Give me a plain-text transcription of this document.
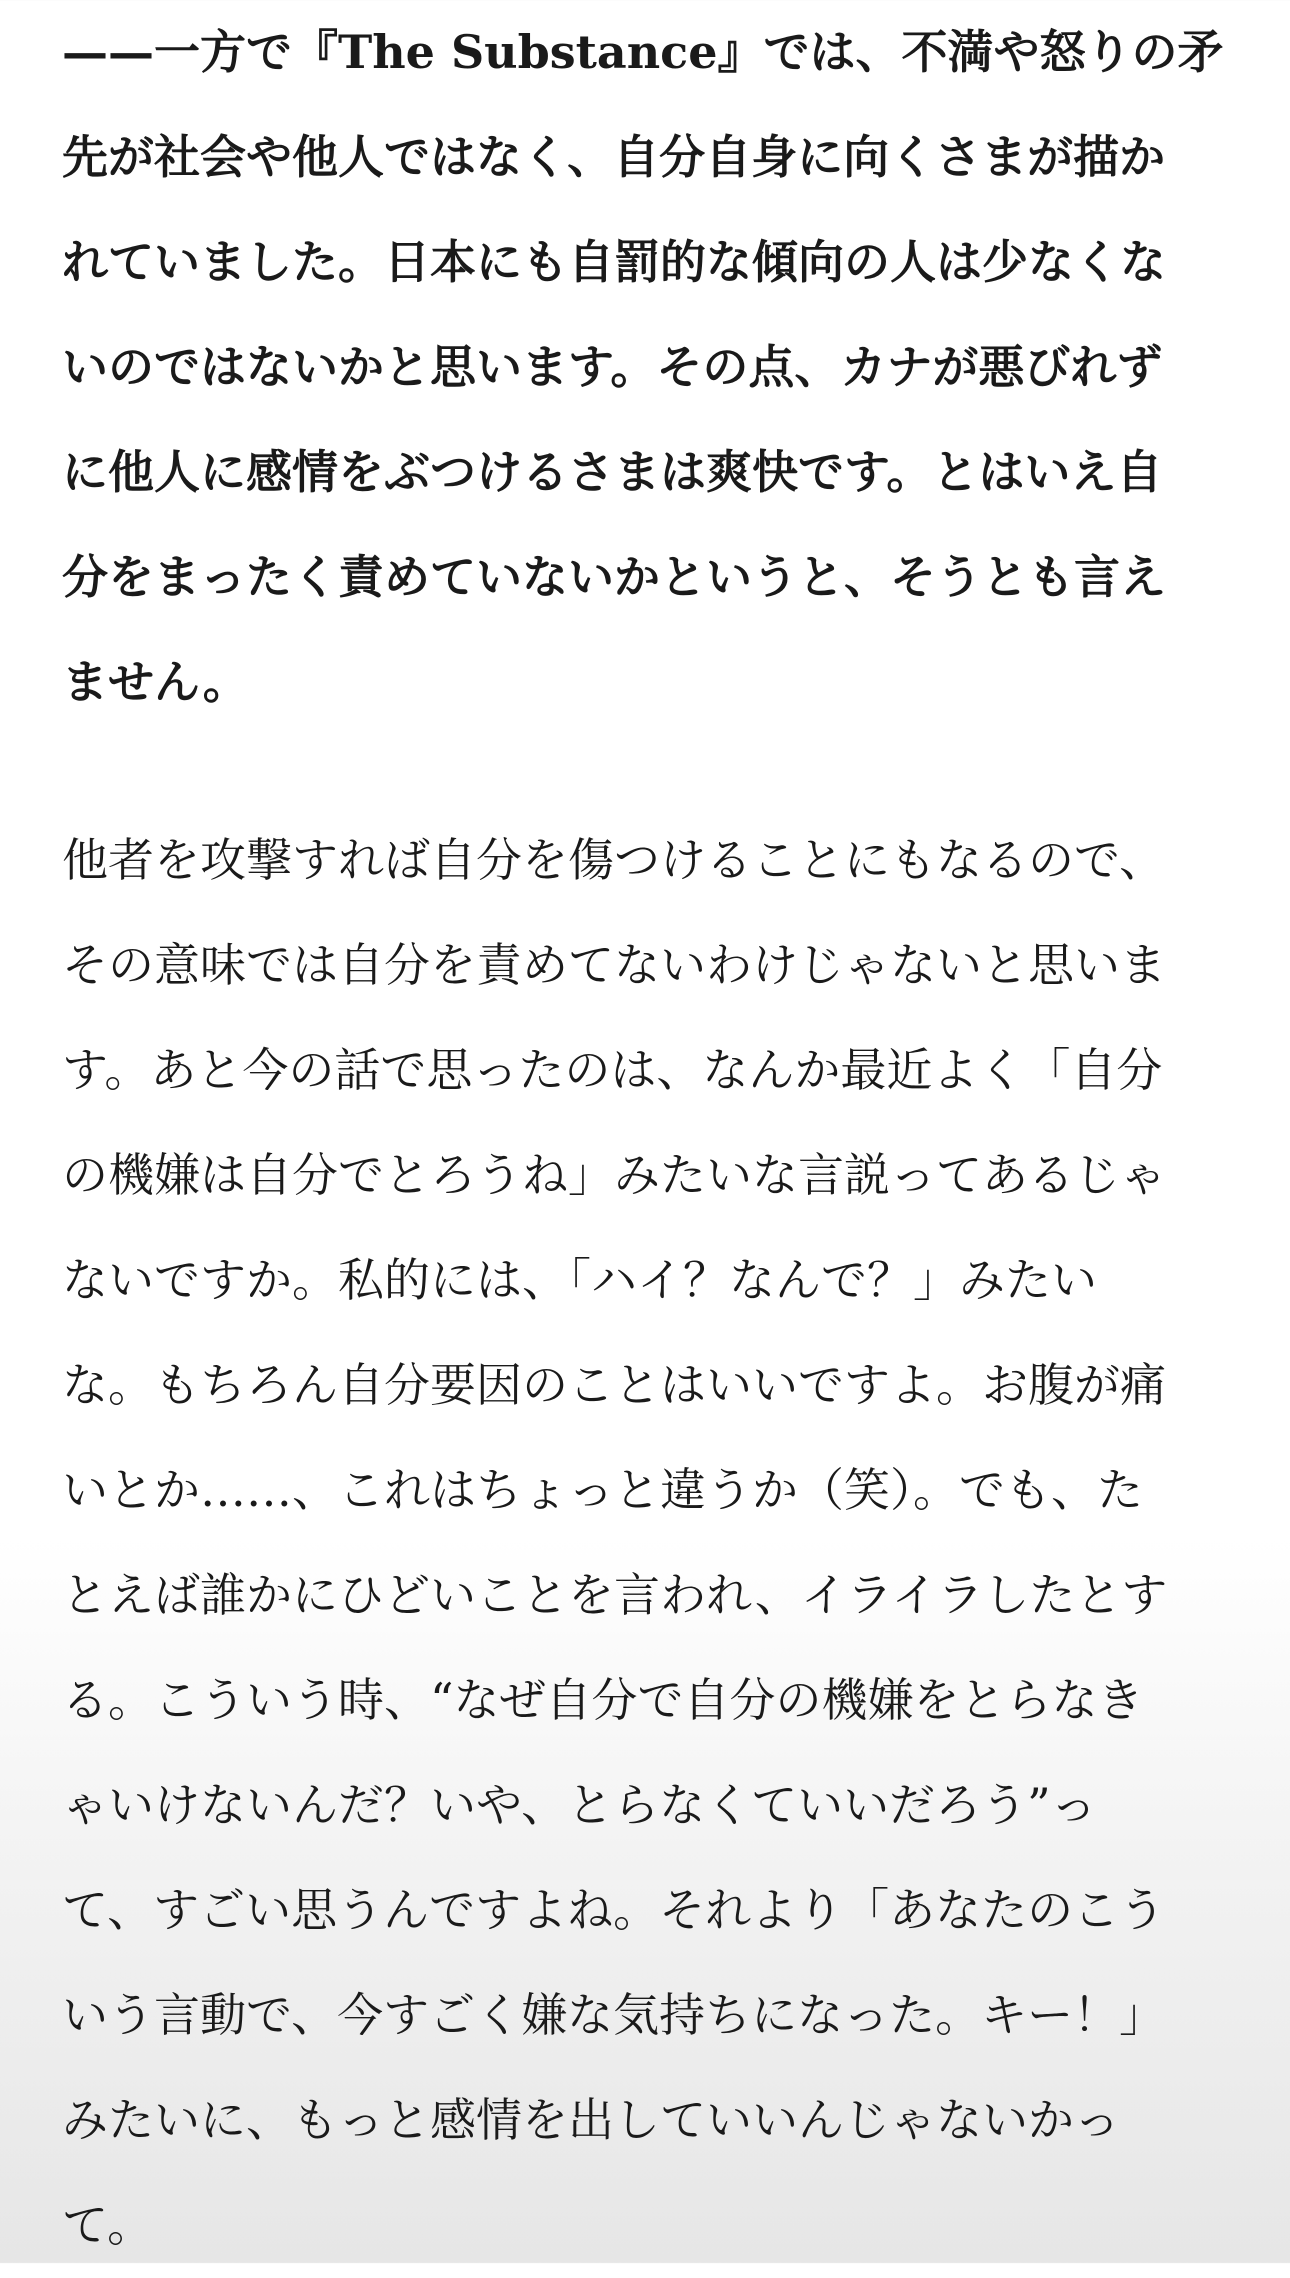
——一方で『The Substance』では、不満や怒りの矛
先が社会や他人ではなく、自分自身に向くさまが描か
れていました。日本にも自罰的な傾向の人は少なくな
いのではないかと思います。その点、カナが悪びれず
に他人に感情をぶつけるさまは爽快です。とはいえ自
分をまったく責めていないかというと、そうとも言え
ません。

他者を攻撃すれば自分を傷つけることにもなるので、
その意味では自分を責めてないわけじゃないと思いま
す。あと今の話で思ったのは、なんか最近よく「自分
の機嫌は自分でとろうね」みたいな言説ってあるじゃ
ないですか。私的には、「ハイ？なんで？」みたい
な。もちろん自分要因のことはいいですよ。お腹が痛
いとか……、これはちょっと違うか（笑）。でも、た
とえば誰かにひどいことを言われ、イライラしたとす
る。こういう時、“なぜ自分で自分の機嫌をとらなき
ゃいけないんだ？いや、とらなくていいだろう”っ
て、すごい思うんですよね。それより「あなたのこう
いう言動で、今すごく嫌な気持ちになった。キー！」
みたいに、もっと感情を出していいんじゃないかっ
て。
